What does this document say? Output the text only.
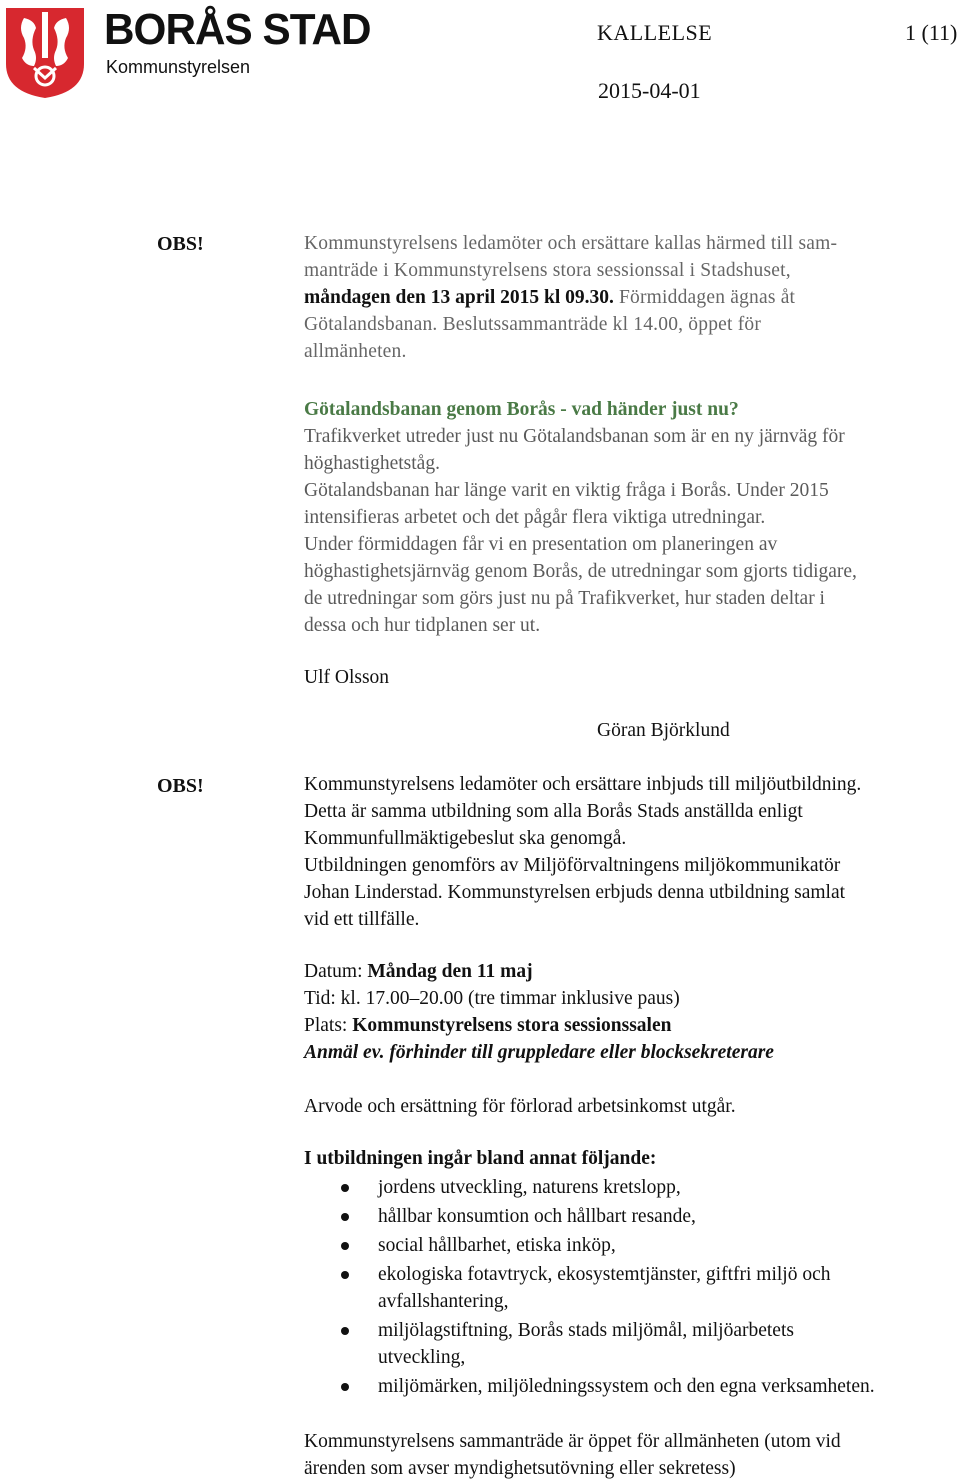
BORÅS STAD
Kommunstyrelsen
KALLELSE	1 (11)
2015-04-01
OBS!	Kommunstyrelsens ledamöter och ersättare kallas härmed till sam-
manträde i Kommunstyrelsens stora sessionssal i Stadshuset,
måndagen den 13 april 2015 kl 09.30. Förmiddagen ägnas åt
Götalandsbanan. Beslutssammanträde kl 14.00, öppet för
allmänheten.
Götalandsbanan genom Borås - vad händer just nu?
Trafikverket utreder just nu Götalandsbanan som är en ny järnväg för
höghastighetståg.
Götalandsbanan har länge varit en viktig fråga i Borås. Under 2015
intensifieras arbetet och det pågår flera viktiga utredningar.
Under förmiddagen får vi en presentation om planeringen av
höghastighetsjärnväg genom Borås, de utredningar som gjorts tidigare,
de utredningar som görs just nu på Trafikverket, hur staden deltar i
dessa och hur tidplanen ser ut.
Ulf Olsson
Göran Björklund
OBS!	Kommunstyrelsens ledamöter och ersättare inbjuds till miljöutbildning.
Detta är samma utbildning som alla Borås Stads anställda enligt
Kommunfullmäktigebeslut ska genomgå.
Utbildningen genomförs av Miljöförvaltningens miljökommunikatör
Johan Linderstad. Kommunstyrelsen erbjuds denna utbildning samlat
vid ett tillfälle.
Datum: Måndag den 11 maj
Tid: kl. 17.00–20.00 (tre timmar inklusive paus)
Plats: Kommunstyrelsens stora sessionssalen
Anmäl ev. förhinder till gruppledare eller blocksekreterare
Arvode och ersättning för förlorad arbetsinkomst utgår.
I utbildningen ingår bland annat följande:
jordens utveckling, naturens kretslopp,
hållbar konsumtion och hållbart resande,
social hållbarhet, etiska inköp,
ekologiska fotavtryck, ekosystemtjänster, giftfri miljö och
avfallshantering,
miljölagstiftning, Borås stads miljömål, miljöarbetets
utveckling,
miljömärken, miljöledningssystem och den egna verksamheten.
Kommunstyrelsens sammanträde är öppet för allmänheten (utom vid
ärenden som avser myndighetsutövning eller sekretess)
